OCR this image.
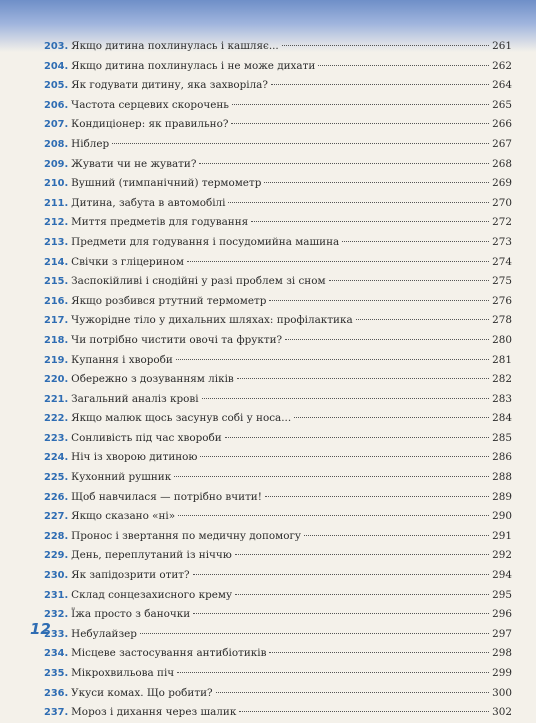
203. Якщо дитина похлинулась і кашляє...	261
204. Якщо дитина похлинулась і не може дихати	262
205. Як годувати дитину, яка захворіла?	264
206. Частота серцевих скорочень	265
207. Кондиціонер: як правильно?	266
208. Ніблер	267
209. Жувати чи не жувати?	268
210. Вушний (тимпанічний) термометр	269
211. Дитина, забута в автомобілі	270
212. Миття предметів для годування	272
213. Предмети для годування і посудомийна машина	273
214. Свічки з гліцерином	274
215. Заспокійливі і снодійні у разі проблем зі сном	275
216. Якщо розбився ртутний термометр	276
217. Чужорідне тіло у дихальних шляхах: профілактика	278
218. Чи потрібно чистити овочі та фрукти?	280
219. Купання і хвороби	281
220. Обережно з дозуванням ліків	282
221. Загальний аналіз крові	283
222. Якщо малюк щось засунув собі у носа...	284
223. Сонливість під час хвороби	285
224. Ніч із хворою дитиною	286
225. Кухонний рушник	288
226. Щоб навчилася — потрібно вчити!	289
227. Якщо сказано «ні»	290
228. Пронос і звертання по медичну допомогу	291
229. День, переплутаний із ніччю	292
230. Як запідозрити отит?	294
231. Склад сонцезахисного крему	295
232. Їжа просто з баночки	296
233. Небулайзер	297
234. Місцеве застосування антибіотиків	298
235. Мікрохвильова піч	299
236. Укуси комах. Що робити?	300
237. Мороз і дихання через шалик	302
12
